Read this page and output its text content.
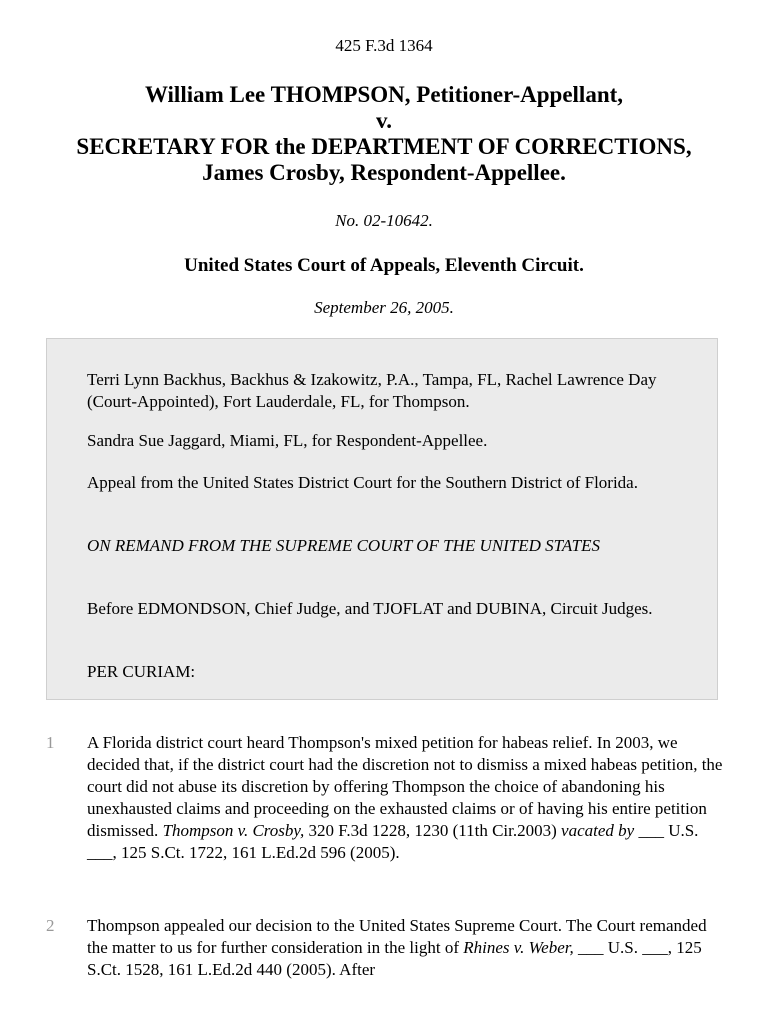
425 F.3d 1364
William Lee THOMPSON, Petitioner-Appellant,
v.
SECRETARY FOR the DEPARTMENT OF CORRECTIONS,
James Crosby, Respondent-Appellee.
No. 02-10642.
United States Court of Appeals, Eleventh Circuit.
September 26, 2005.

Terri Lynn Backhus, Backhus & Izakowitz, P.A., Tampa, FL, Rachel Lawrence Day (Court-Appointed), Fort Lauderdale, FL, for Thompson.

Sandra Sue Jaggard, Miami, FL, for Respondent-Appellee.

Appeal from the United States District Court for the Southern District of Florida.

ON REMAND FROM THE SUPREME COURT OF THE UNITED STATES

Before EDMONDSON, Chief Judge, and TJOFLAT and DUBINA, Circuit Judges.

PER CURIAM:

1 A Florida district court heard Thompson's mixed petition for habeas relief. In 2003, we decided that, if the district court had the discretion not to dismiss a mixed habeas petition, the court did not abuse its discretion by offering Thompson the choice of abandoning his unexhausted claims and proceeding on the exhausted claims or of having his entire petition dismissed. Thompson v. Crosby, 320 F.3d 1228, 1230 (11th Cir.2003) vacated by ___ U.S. ___, 125 S.Ct. 1722, 161 L.Ed.2d 596 (2005).

2 Thompson appealed our decision to the United States Supreme Court. The Court remanded the matter to us for further consideration in the light of Rhines v. Weber, ___ U.S. ___, 125 S.Ct. 1528, 161 L.Ed.2d 440 (2005). After
